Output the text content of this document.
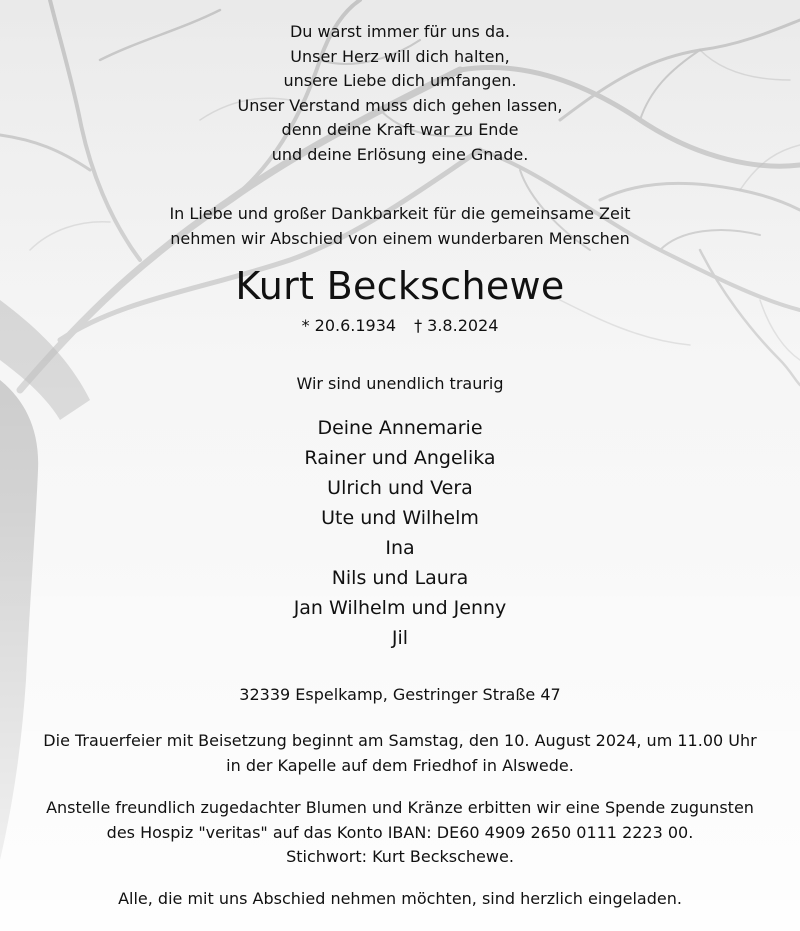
Du warst immer für uns da.
Unser Herz will dich halten,
unsere Liebe dich umfangen.
Unser Verstand muss dich gehen lassen,
denn deine Kraft war zu Ende
und deine Erlösung eine Gnade.
In Liebe und großer Dankbarkeit für die gemeinsame Zeit
nehmen wir Abschied von einem wunderbaren Menschen
Kurt Beckschewe
* 20.6.1934 † 3.8.2024
Wir sind unendlich traurig
Deine Annemarie
Rainer und Angelika
Ulrich und Vera
Ute und Wilhelm
Ina
Nils und Laura
Jan Wilhelm und Jenny
Jil
32339 Espelkamp, Gestringer Straße 47
Die Trauerfeier mit Beisetzung beginnt am Samstag, den 10. August 2024, um 11.00 Uhr
in der Kapelle auf dem Friedhof in Alswede.
Anstelle freundlich zugedachter Blumen und Kränze erbitten wir eine Spende zugunsten
des Hospiz "veritas" auf das Konto IBAN: DE60 4909 2650 0111 2223 00.
Stichwort: Kurt Beckschewe.
Alle, die mit uns Abschied nehmen möchten, sind herzlich eingeladen.
